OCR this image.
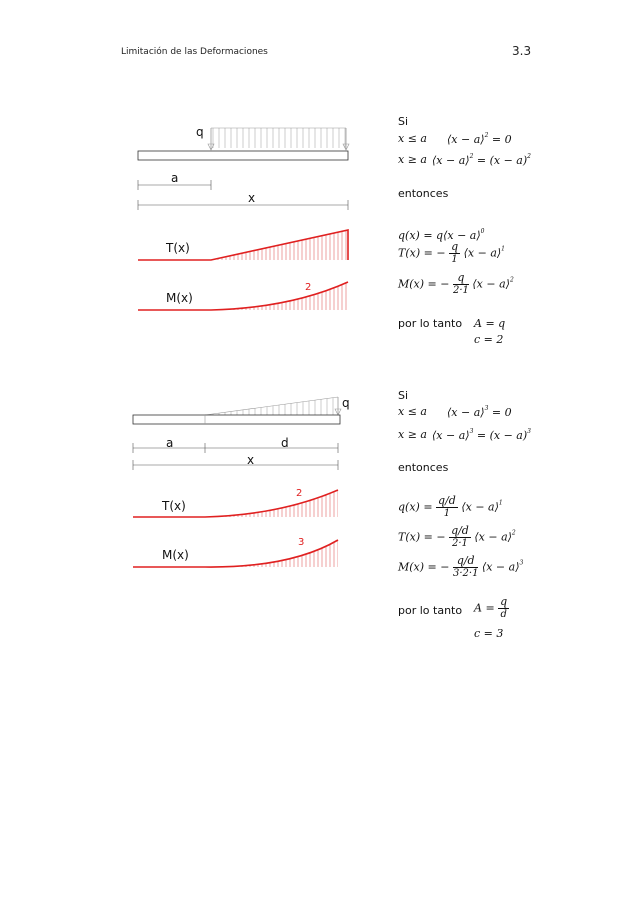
Limitación de las Deformaciones	3.3
q
a
x
T(x)
M(x)
2
q
a	d
x
T(x)
M(x)
2
3
Si
x ≤ a ⟨x − a⟩$^2$ = 0
x ≥ a ⟨x − a⟩$^2$ = $(x - a)^2$
entonces
q(x) = q⟨x − a⟩$^0$
T(x) = − $\frac{q}{1}$ ⟨x − a⟩$^1$
M(x) = − $\frac{q}{2\cdot 1}$ ⟨x − a⟩$^2$
por lo tanto A = q
c = 2
Si
x ≤ a ⟨x − a⟩$^3$ = 0
x ≥ a ⟨x − a⟩$^3$ = $(x - a)^3$
entonces
$q(x) = \frac{q/d}{1}$ ⟨x − a⟩$^1$
T(x) = − $\frac{q/d}{2\cdot 1}$ ⟨x − a⟩$^2$
M(x) = − $\frac{q/d}{3\cdot 2\cdot 1}$ ⟨x − a⟩$^3$
por lo tanto $A = \frac{q}{d}$
c = 3
